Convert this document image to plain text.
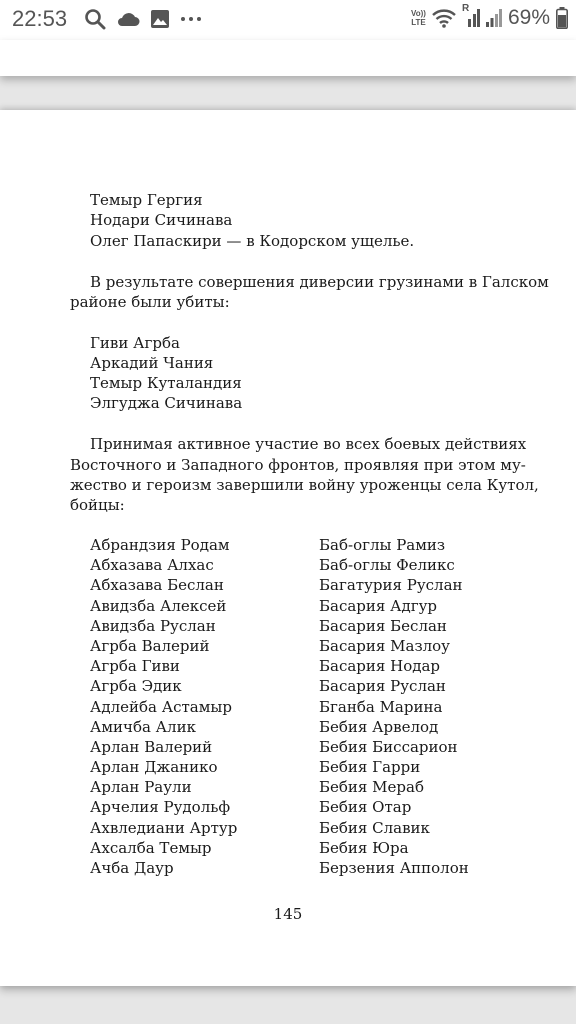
22:53	Vo))
LTE
R 69%
Темыр Гергия
Нодари Сичинава
Олег Папаскири — в Кодорском ущелье.
В результате совершения диверсии грузинами в Галском
районе были убиты:
Гиви Агрба
Аркадий Чания
Темыр Куталандия
Элгуджа Сичинава
Принимая активное участие во всех боевых действиях
Восточного и Западного фронтов, проявляя при этом му-
жество и героизм завершили войну уроженцы села Кутол,
бойцы:
Абрандзия Родам
Абхазава Алхас
Абхазава Беслан
Авидзба Алексей
Авидзба Руслан
Агрба Валерий
Агрба Гиви
Агрба Эдик
Адлейба Астамыр
Амичба Алик
Арлан Валерий
Арлан Джанико
Арлан Раули
Арчелия Рудольф
Ахвледиани Артур
Ахсалба Темыр
Ачба Даур
Баб-оглы Рамиз
Баб-оглы Феликс
Багатурия Руслан
Басария Адгур
Басария Беслан
Басария Мазлоу
Басария Нодар
Басария Руслан
Бганба Марина
Бебия Арвелод
Бебия Биссарион
Бебия Гарри
Бебия Мераб
Бебия Отар
Бебия Славик
Бебия Юра
Берзения Апполон
145
